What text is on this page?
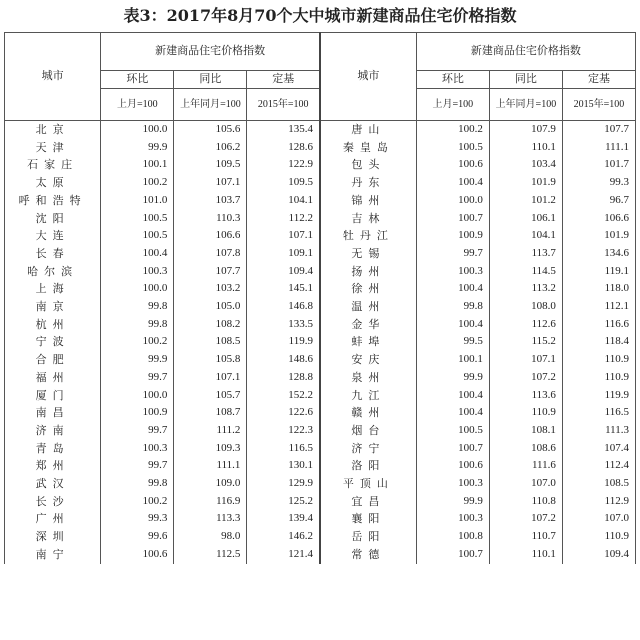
表3：2017年8月70个大中城市新建商品住宅价格指数
城市	新建商品住宅价格指数			城市	新建商品住宅价格指数		
	环比	同比	定基		环比	同比	定基
	上月=100	上年同月=100	2015年=100		上月=100	上年同月=100	2015年=100
北京	100.0	105.6	135.4	唐山	100.2	107.9	107.7
天津	99.9	106.2	128.6	秦皇岛	100.5	110.1	111.1
石家庄	100.1	109.5	122.9	包头	100.6	103.4	101.7
太原	100.2	107.1	109.5	丹东	100.4	101.9	99.3
呼和浩特	101.0	103.7	104.1	锦州	100.0	101.2	96.7
沈阳	100.5	110.3	112.2	吉林	100.7	106.1	106.6
大连	100.5	106.6	107.1	牡丹江	100.9	104.1	101.9
长春	100.4	107.8	109.1	无锡	99.7	113.7	134.6
哈尔滨	100.3	107.7	109.4	扬州	100.3	114.5	119.1
上海	100.0	103.2	145.1	徐州	100.4	113.2	118.0
南京	99.8	105.0	146.8	温州	99.8	108.0	112.1
杭州	99.8	108.2	133.5	金华	100.4	112.6	116.6
宁波	100.2	108.5	119.9	蚌埠	99.5	115.2	118.4
合肥	99.9	105.8	148.6	安庆	100.1	107.1	110.9
福州	99.7	107.1	128.8	泉州	99.9	107.2	110.9
厦门	100.0	105.7	152.2	九江	100.4	113.6	119.9
南昌	100.9	108.7	122.6	赣州	100.4	110.9	116.5
济南	99.7	111.2	122.3	烟台	100.5	108.1	111.3
青岛	100.3	109.3	116.5	济宁	100.7	108.6	107.4
郑州	99.7	111.1	130.1	洛阳	100.6	111.6	112.4
武汉	99.8	109.0	129.9	平顶山	100.3	107.0	108.5
长沙	100.2	116.9	125.2	宜昌	99.9	110.8	112.9
广州	99.3	113.3	139.4	襄阳	100.3	107.2	107.0
深圳	99.6	98.0	146.2	岳阳	100.8	110.7	110.9
南宁	100.6	112.5	121.4	常德	100.7	110.1	109.4
